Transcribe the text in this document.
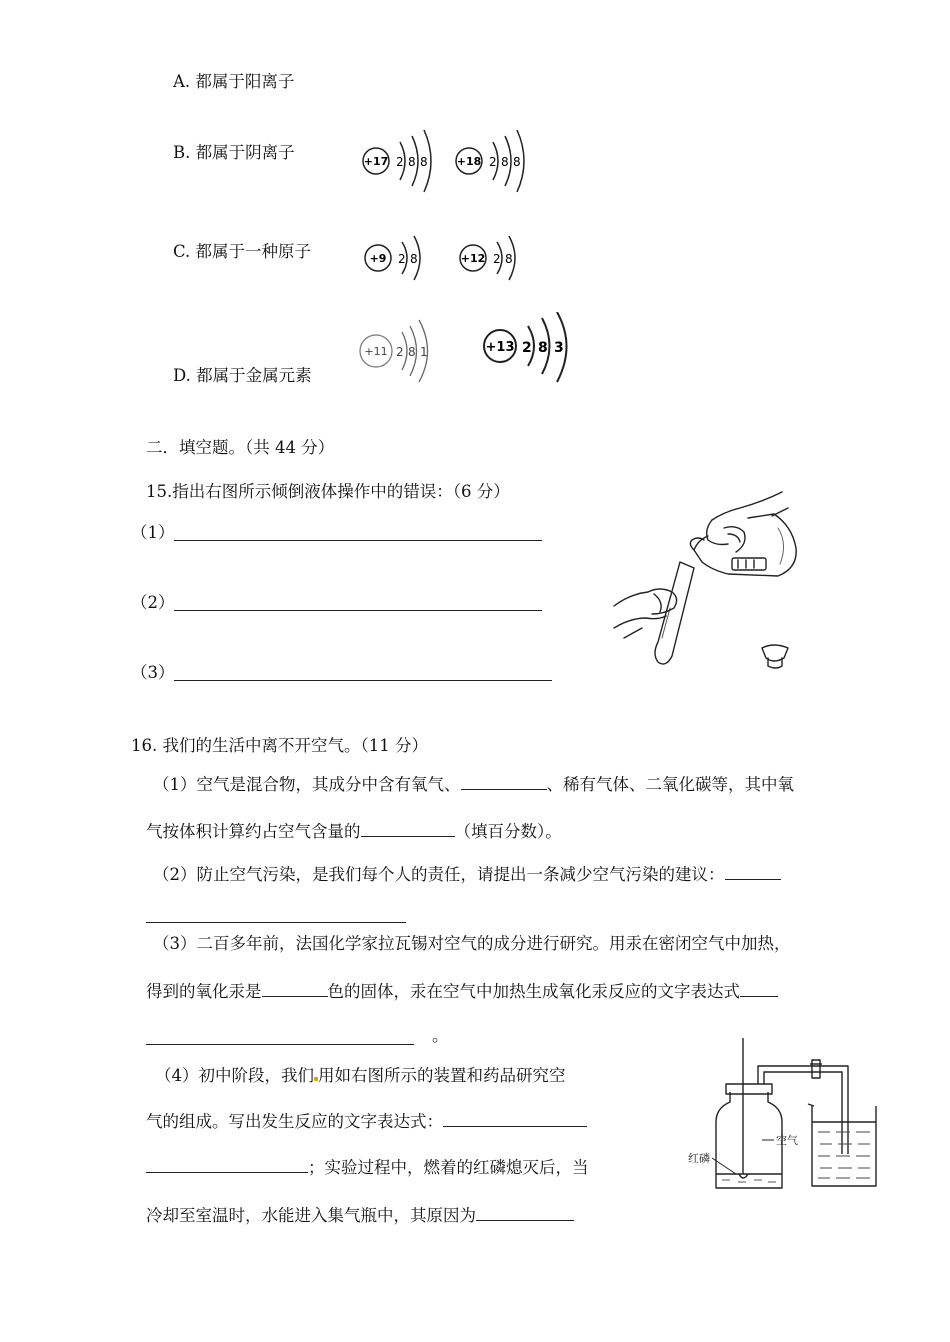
A. 都属于阳离子
B. 都属于阴离子
C. 都属于一种原子
D. 都属于金属元素
+17 2 8 8	+18 2 8 8
+9 2 8	+12 2 8
+11 2 8 1	+13 2 8 3
二．填空题。（共 44 分）
15.指出右图所示倾倒液体操作中的错误：（6 分）
（1）
（2）
（3）
16. 我们的生活中离不开空气。（11 分）
（1）空气是混合物，其成分中含有氧气、	、稀有气体、二氧化碳等，其中氧
气按体积计算约占空气含量的	（填百分数）。
（2）防止空气污染，是我们每个人的责任，请提出一条减少空气污染的建议：
（3）二百多年前，法国化学家拉瓦锡对空气的成分进行研究。用汞在密闭空气中加热，
得到的氧化汞是	色的固体，汞在空气中加热生成氧化汞反应的文字表达式
。
（4）初中阶段，我们 用如右图所示的装置和药品研究空
气的组成。写出发生反应的文字表达式：
；实验过程中，燃着的红磷熄灭后，当
冷却至室温时，水能进入集气瓶中，其原因为
红磷
空气
